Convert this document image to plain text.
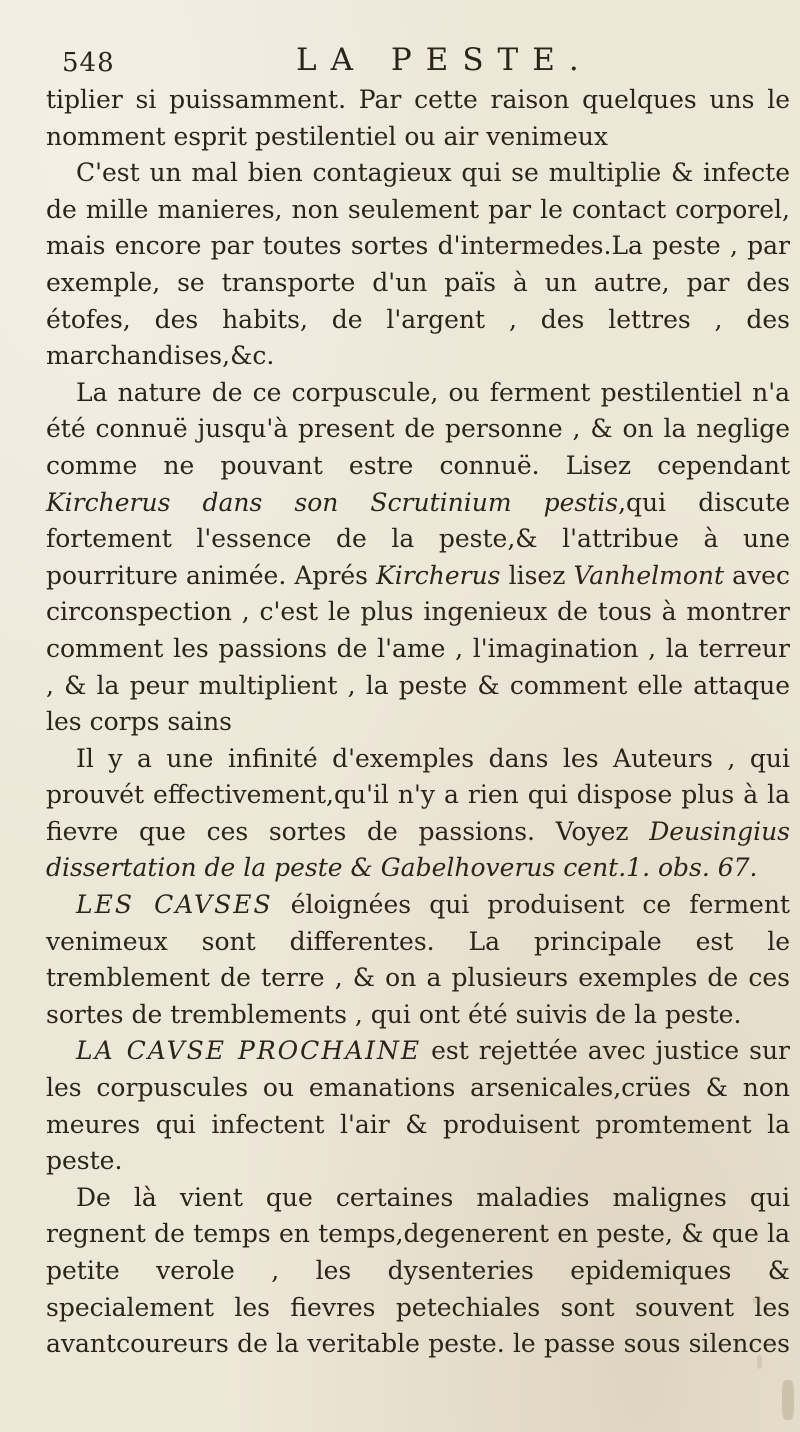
548	LA PESTE.

tiplier si puissamment. Par cette raison quelques uns le nomment esprit pestilentiel ou air venimeux

C'est un mal bien contagieux qui se multiplie & infecte de mille manieres, non seulement par le contact corporel, mais encore par toutes sortes d'intermedes.La peste , par exemple, se transporte d'un païs à un autre, par des étofes, des habits, de l'argent , des lettres , des marchandises,&c.

La nature de ce corpuscule, ou ferment pestilentiel n'a été connuë jusqu'à present de personne , & on la neglige comme ne pouvant estre connuë. Lisez cependant Kircherus dans son Scrutinium pestis,qui discute fortement l'essence de la peste,& l'attribue à une pourriture animée. Aprés Kircherus lisez Vanhelmont avec circonspection , c'est le plus ingenieux de tous à montrer comment les passions de l'ame , l'imagination , la terreur , & la peur multiplient , la peste & comment elle attaque les corps sains

Il y a une infinité d'exemples dans les Auteurs , qui prouvét effectivement,qu'il n'y a rien qui dispose plus à la fievre que ces sortes de passions. Voyez Deusingius dissertation de la peste & Gabelhoverus cent.1. obs. 67.

LES CAVSES éloignées qui produisent ce ferment venimeux sont differentes. La principale est le tremblement de terre , & on a plusieurs exemples de ces sortes de tremblements , qui ont été suivis de la peste.

LA CAVSE PROCHAINE est rejettée avec justice sur les corpuscules ou emanations arsenicales,crües & non meures qui infectent l'air & produisent promtement la peste.

De là vient que certaines maladies malignes qui regnent de temps en temps,degenerent en peste, & que la petite verole , les dysenteries epidemiques & specialement les fievres petechiales sont souvent les avantcoureurs de la veritable peste. le passe sous silences
